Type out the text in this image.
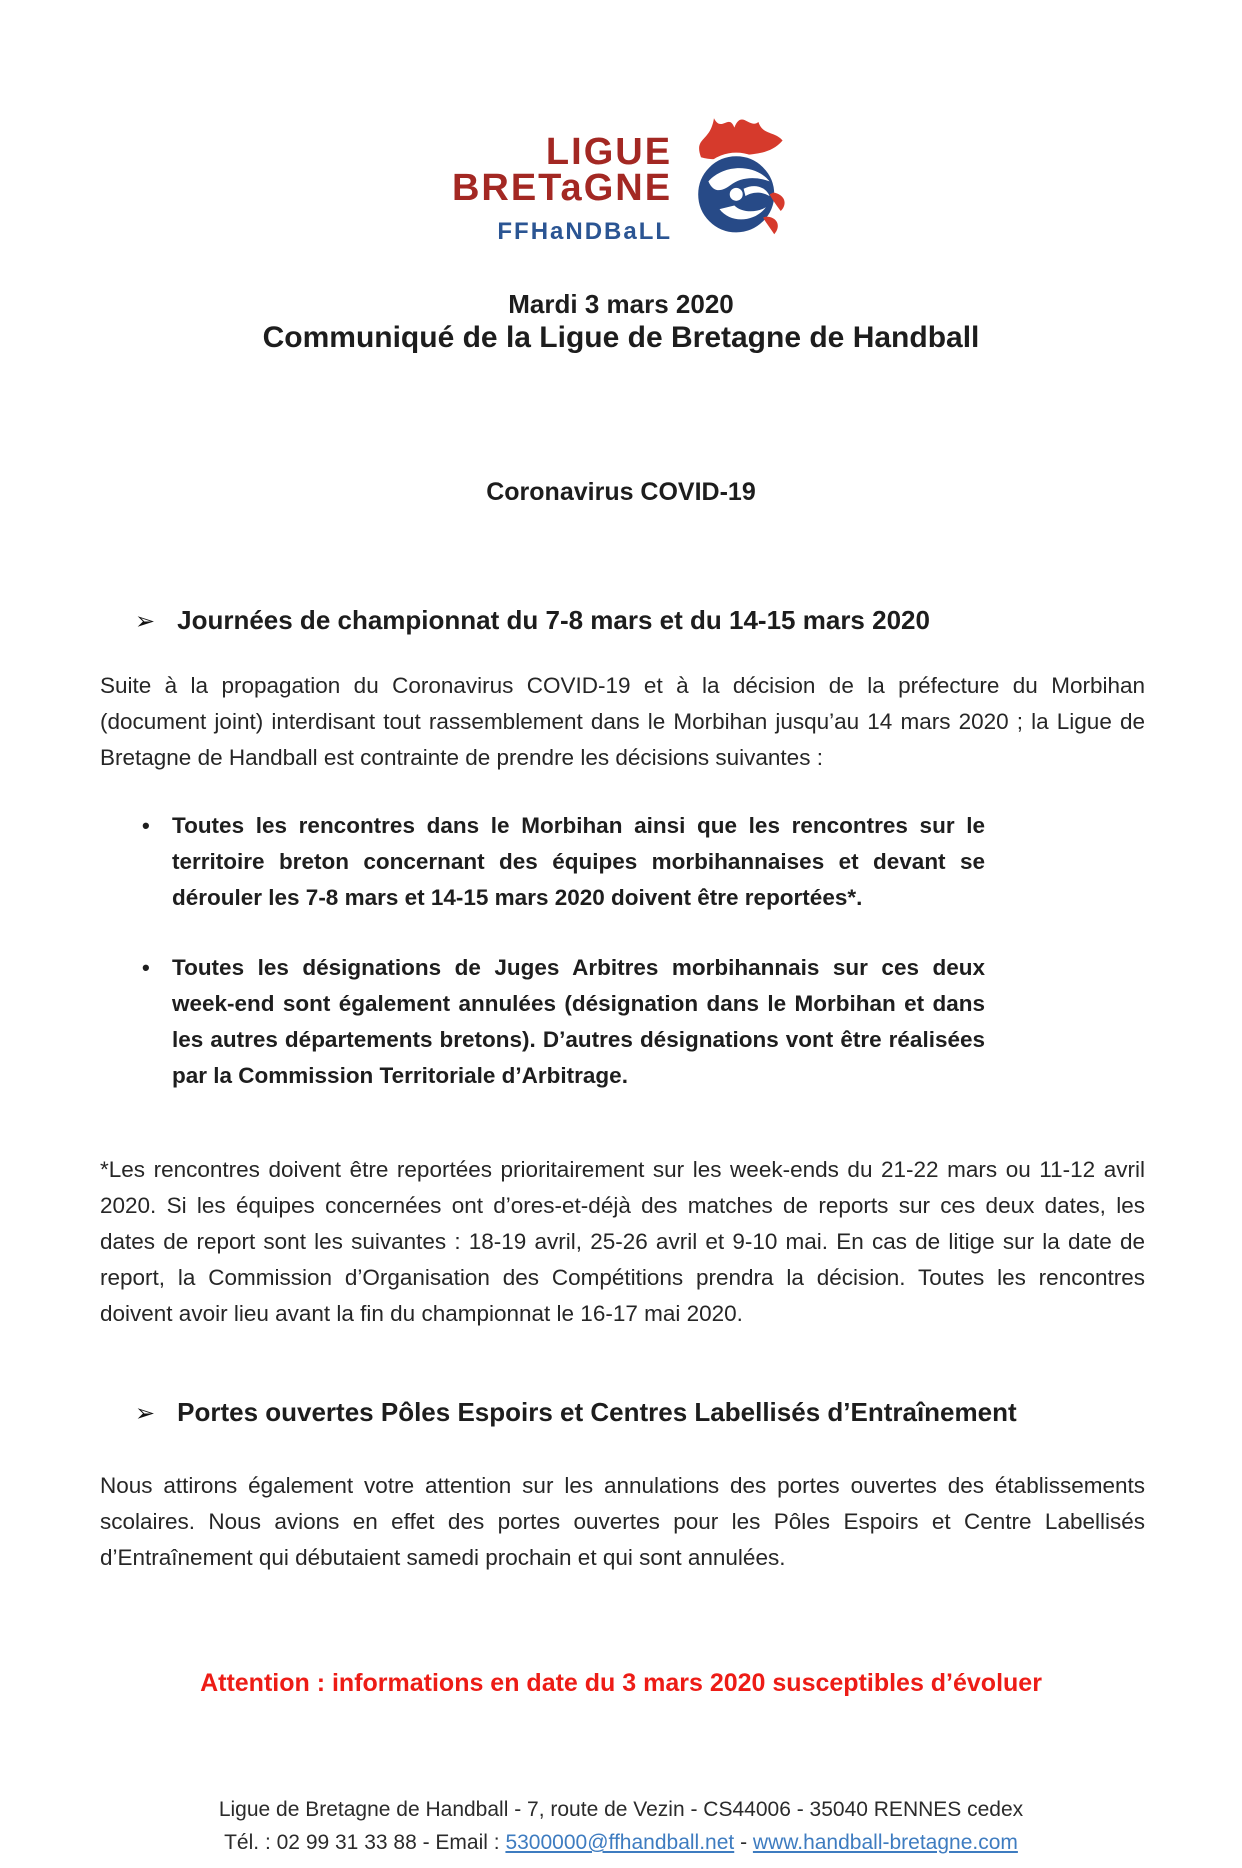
LIGUE
BRETaGNE
FFHaNDBaLL
Mardi 3 mars 2020
Communiqué de la Ligue de Bretagne de Handball
Coronavirus COVID-19
➢ Journées de championnat du 7-8 mars et du 14-15 mars 2020

Suite à la propagation du Coronavirus COVID-19 et à la décision de la préfecture du Morbihan (document joint) interdisant tout rassemblement dans le Morbihan jusqu’au 14 mars 2020 ; la Ligue de Bretagne de Handball est contrainte de prendre les décisions suivantes :

• Toutes les rencontres dans le Morbihan ainsi que les rencontres sur le territoire breton concernant des équipes morbihannaises et devant se dérouler les 7-8 mars et 14-15 mars 2020 doivent être reportées*.
• Toutes les désignations de Juges Arbitres morbihannais sur ces deux week-end sont également annulées (désignation dans le Morbihan et dans les autres départements bretons). D’autres désignations vont être réalisées par la Commission Territoriale d’Arbitrage.

*Les rencontres doivent être reportées prioritairement sur les week-ends du 21-22 mars ou 11-12 avril 2020. Si les équipes concernées ont d’ores-et-déjà des matches de reports sur ces deux dates, les dates de report sont les suivantes : 18-19 avril, 25-26 avril et 9-10 mai. En cas de litige sur la date de report, la Commission d’Organisation des Compétitions prendra la décision. Toutes les rencontres doivent avoir lieu avant la fin du championnat le 16-17 mai 2020.

➢ Portes ouvertes Pôles Espoirs et Centres Labellisés d’Entraînement

Nous attirons également votre attention sur les annulations des portes ouvertes des établissements scolaires. Nous avions en effet des portes ouvertes pour les Pôles Espoirs et Centre Labellisés d’Entraînement qui débutaient samedi prochain et qui sont annulées.

Attention : informations en date du 3 mars 2020 susceptibles d’évoluer
Ligue de Bretagne de Handball - 7, route de Vezin - CS44006 - 35040 RENNES cedex
Tél. : 02 99 31 33 88 - Email : 5300000@ffhandball.net - www.handball-bretagne.com
